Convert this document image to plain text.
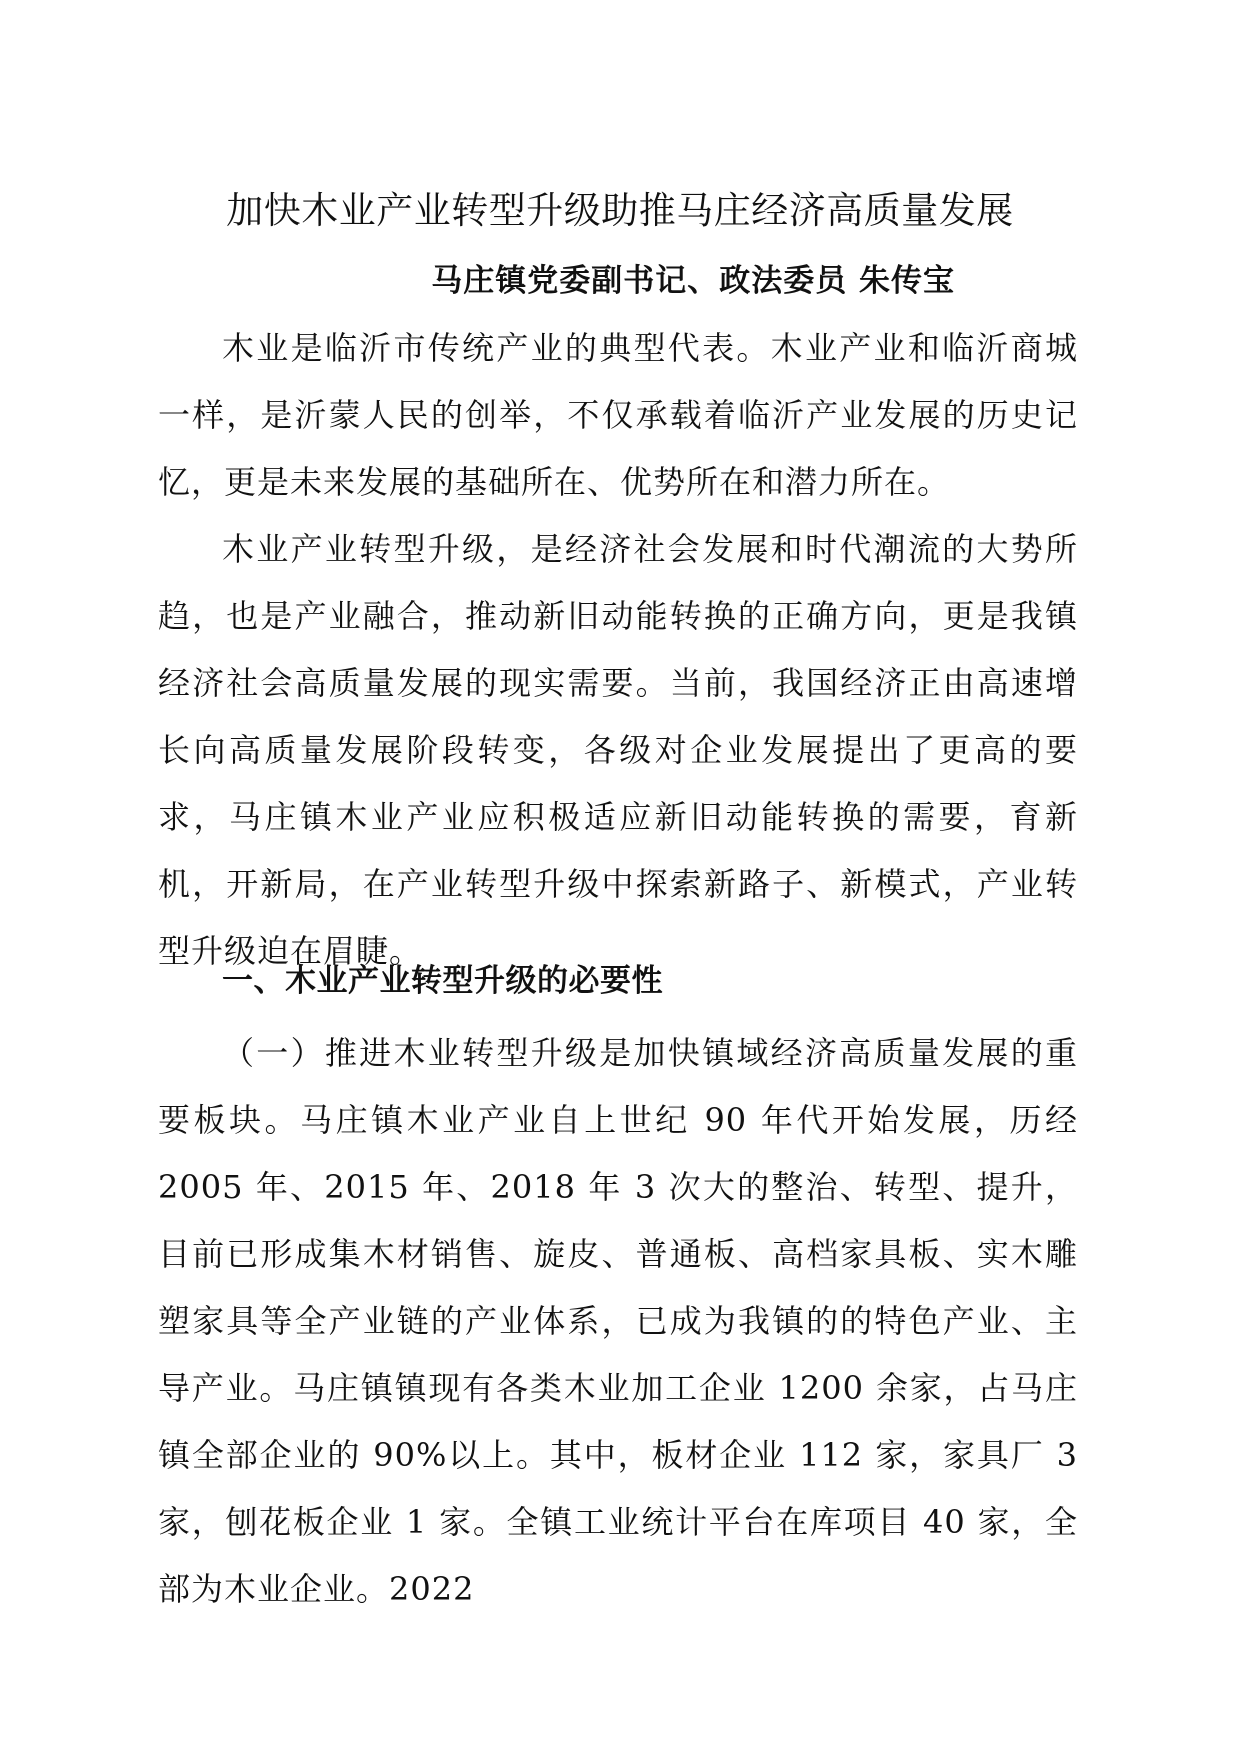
加快木业产业转型升级助推马庄经济高质量发展

马庄镇党委副书记、政法委员 朱传宝

木业是临沂市传统产业的典型代表。木业产业和临沂商城一样，是沂蒙人民的创举，不仅承载着临沂产业发展的历史记忆，更是未来发展的基础所在、优势所在和潜力所在。

木业产业转型升级，是经济社会发展和时代潮流的大势所趋，也是产业融合，推动新旧动能转换的正确方向，更是我镇经济社会高质量发展的现实需要。当前，我国经济正由高速增长向高质量发展阶段转变，各级对企业发展提出了更高的要求，马庄镇木业产业应积极适应新旧动能转换的需要，育新机，开新局，在产业转型升级中探索新路子、新模式，产业转型升级迫在眉睫。

一、木业产业转型升级的必要性

（一）推进木业转型升级是加快镇域经济高质量发展的重要板块。马庄镇木业产业自上世纪 90 年代开始发展，历经 2005 年、2015 年、2018 年 3 次大的整治、转型、提升，目前已形成集木材销售、旋皮、普通板、高档家具板、实木雕塑家具等全产业链的产业体系，已成为我镇的的特色产业、主导产业。马庄镇镇现有各类木业加工企业 1200 余家，占马庄镇全部企业的 90%以上。其中，板材企业 112 家，家具厂 3 家，刨花板企业 1 家。全镇工业统计平台在库项目 40 家，全部为木业企业。2022
